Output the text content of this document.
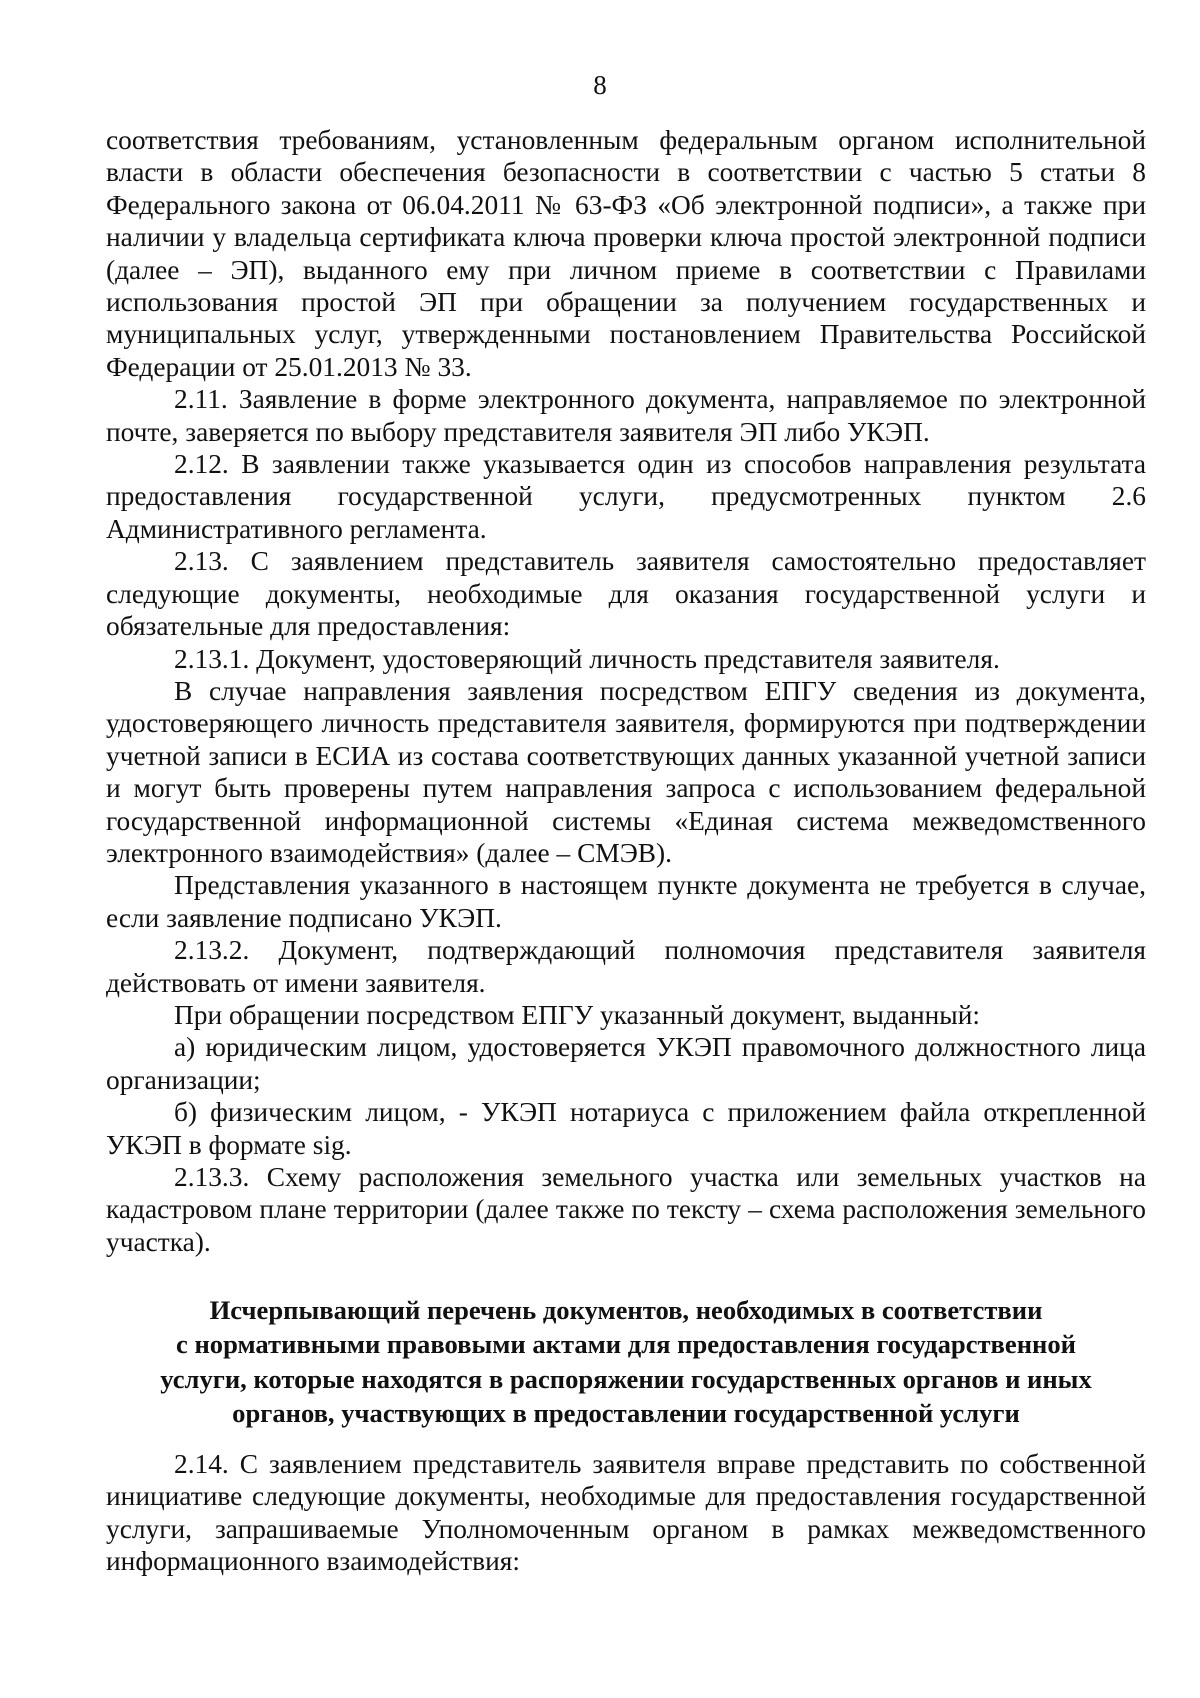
8

соответствия требованиям, установленным федеральным органом исполнительной власти в области обеспечения безопасности в соответствии с частью 5 статьи 8 Федерального закона от 06.04.2011 № 63-ФЗ «Об электронной подписи», а также при наличии у владельца сертификата ключа проверки ключа простой электронной подписи (далее – ЭП), выданного ему при личном приеме в соответствии с Правилами использования простой ЭП при обращении за получением государственных и муниципальных услуг, утвержденными постановлением Правительства Российской Федерации от 25.01.2013 № 33.

2.11. Заявление в форме электронного документа, направляемое по электронной почте, заверяется по выбору представителя заявителя ЭП либо УКЭП.

2.12. В заявлении также указывается один из способов направления результата предоставления государственной услуги, предусмотренных пунктом 2.6 Административного регламента.

2.13. С заявлением представитель заявителя самостоятельно предоставляет следующие документы, необходимые для оказания государственной услуги и обязательные для предоставления:

2.13.1. Документ, удостоверяющий личность представителя заявителя.

В случае направления заявления посредством ЕПГУ сведения из документа, удостоверяющего личность представителя заявителя, формируются при подтверждении учетной записи в ЕСИА из состава соответствующих данных указанной учетной записи и могут быть проверены путем направления запроса с использованием федеральной государственной информационной системы «Единая система межведомственного электронного взаимодействия» (далее – СМЭВ).

Представления указанного в настоящем пункте документа не требуется в случае, если заявление подписано УКЭП.

2.13.2. Документ, подтверждающий полномочия представителя заявителя действовать от имени заявителя.

При обращении посредством ЕПГУ указанный документ, выданный:

а) юридическим лицом, удостоверяется УКЭП правомочного должностного лица организации;

б) физическим лицом, - УКЭП нотариуса с приложением файла открепленной УКЭП в формате sig.

2.13.3. Схему расположения земельного участка или земельных участков на кадастровом плане территории (далее также по тексту – схема расположения земельного участка).

Исчерпывающий перечень документов, необходимых в соответствии
с нормативными правовыми актами для предоставления государственной
услуги, которые находятся в распоряжении государственных органов и иных
органов, участвующих в предоставлении государственной услуги

2.14. С заявлением представитель заявителя вправе представить по собственной инициативе следующие документы, необходимые для предоставления государственной услуги, запрашиваемые Уполномоченным органом в рамках межведомственного информационного взаимодействия:
